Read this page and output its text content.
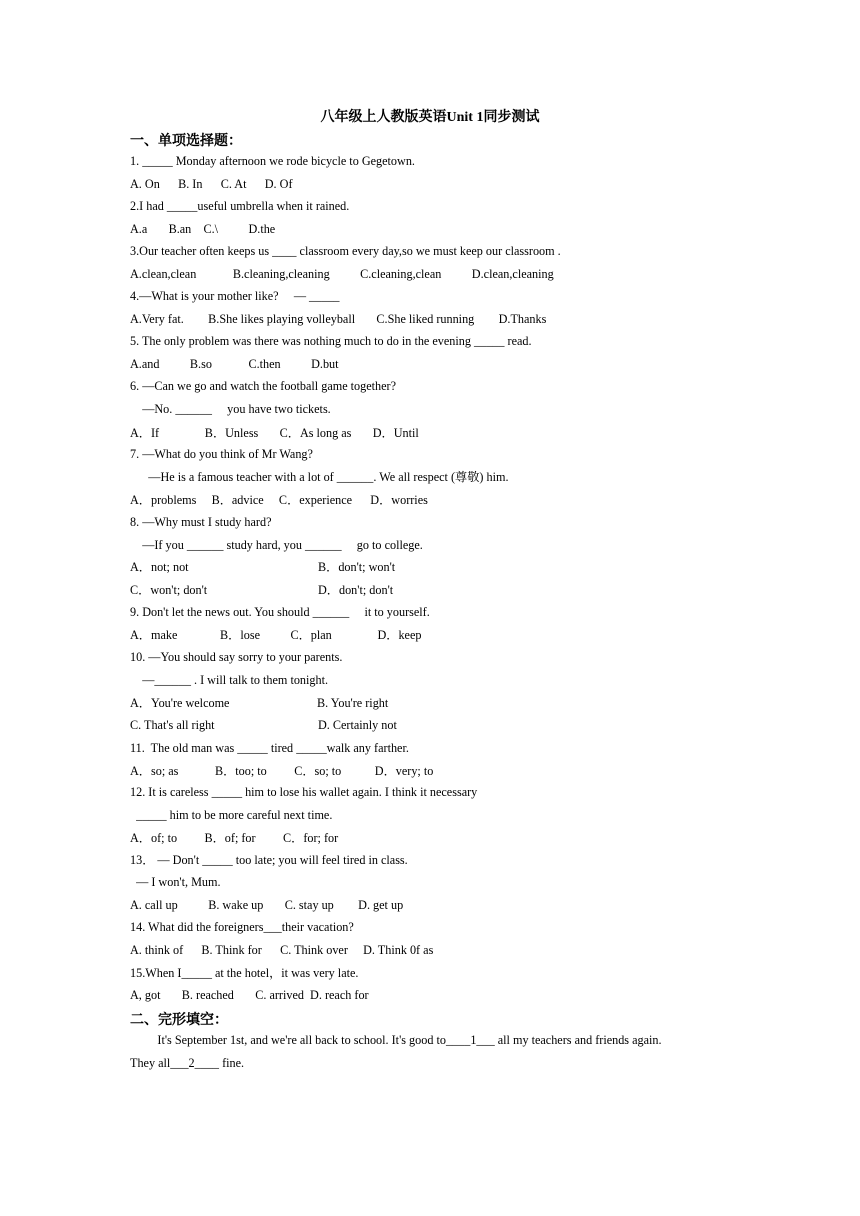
八年级上人教版英语Unit 1同步测试
一、单项选择题：
1. _____ Monday afternoon we rode bicycle to Gegetown.
A. On      B. In      C. At      D. Of
2.I had _____useful umbrella when it rained.
A.a       B.an    C.\          D.the
3.Our teacher often keeps us ____ classroom every day,so we must keep our classroom .
A.clean,clean            B.cleaning,cleaning          C.cleaning,clean          D.clean,cleaning
4.—What is your mother like?     — _____
A.Very fat.        B.She likes playing volleyball       C.She liked running        D.Thanks
5. The only problem was there was nothing much to do in the evening _____ read.
A.and          B.so            C.then          D.but
6. —Can we go and watch the football game together?
—No. ______     you have two tickets.
A．If               B．Unless       C．As long as       D．Until
7. —What do you think of Mr Wang?
—He is a famous teacher with a lot of ______. We all respect (尊敬) him.
A．problems     B．advice     C．experience      D．worries
8. —Why must I study hard?
—If you ______ study hard, you ______     go to college.
A．not; not	B．don't; won't
C．won't; don't	D．don't; don't
9. Don't let the news out. You should ______     it to yourself.
A．make              B．lose          C．plan               D．keep
10. —You should say sorry to your parents.
—______ . I will talk to them tonight.
A．You're welcome	B. You're right
C. That's all right	D. Certainly not
11.  The old man was _____ tired _____walk any farther.
A．so; as            B．too; to         C．so; to           D．very; to
12. It is careless _____ him to lose his wallet again. I think it necessary
_____ him to be more careful next time.
A．of; to         B．of; for         C．for; for
13． — Don't _____ too late; you will feel tired in class.
— I won't, Mum.
A. call up          B. wake up       C. stay up        D. get up
14. What did the foreigners___their vacation?
A. think of      B. Think for      C. Think over     D. Think 0f as
15.When I_____ at the hotel，it was very late.
A, got       B. reached       C. arrived  D. reach for
二、完形填空：
It's September 1st, and we're all back to school. It's good to____1___ all my teachers and friends again.
They all___2____ fine.
